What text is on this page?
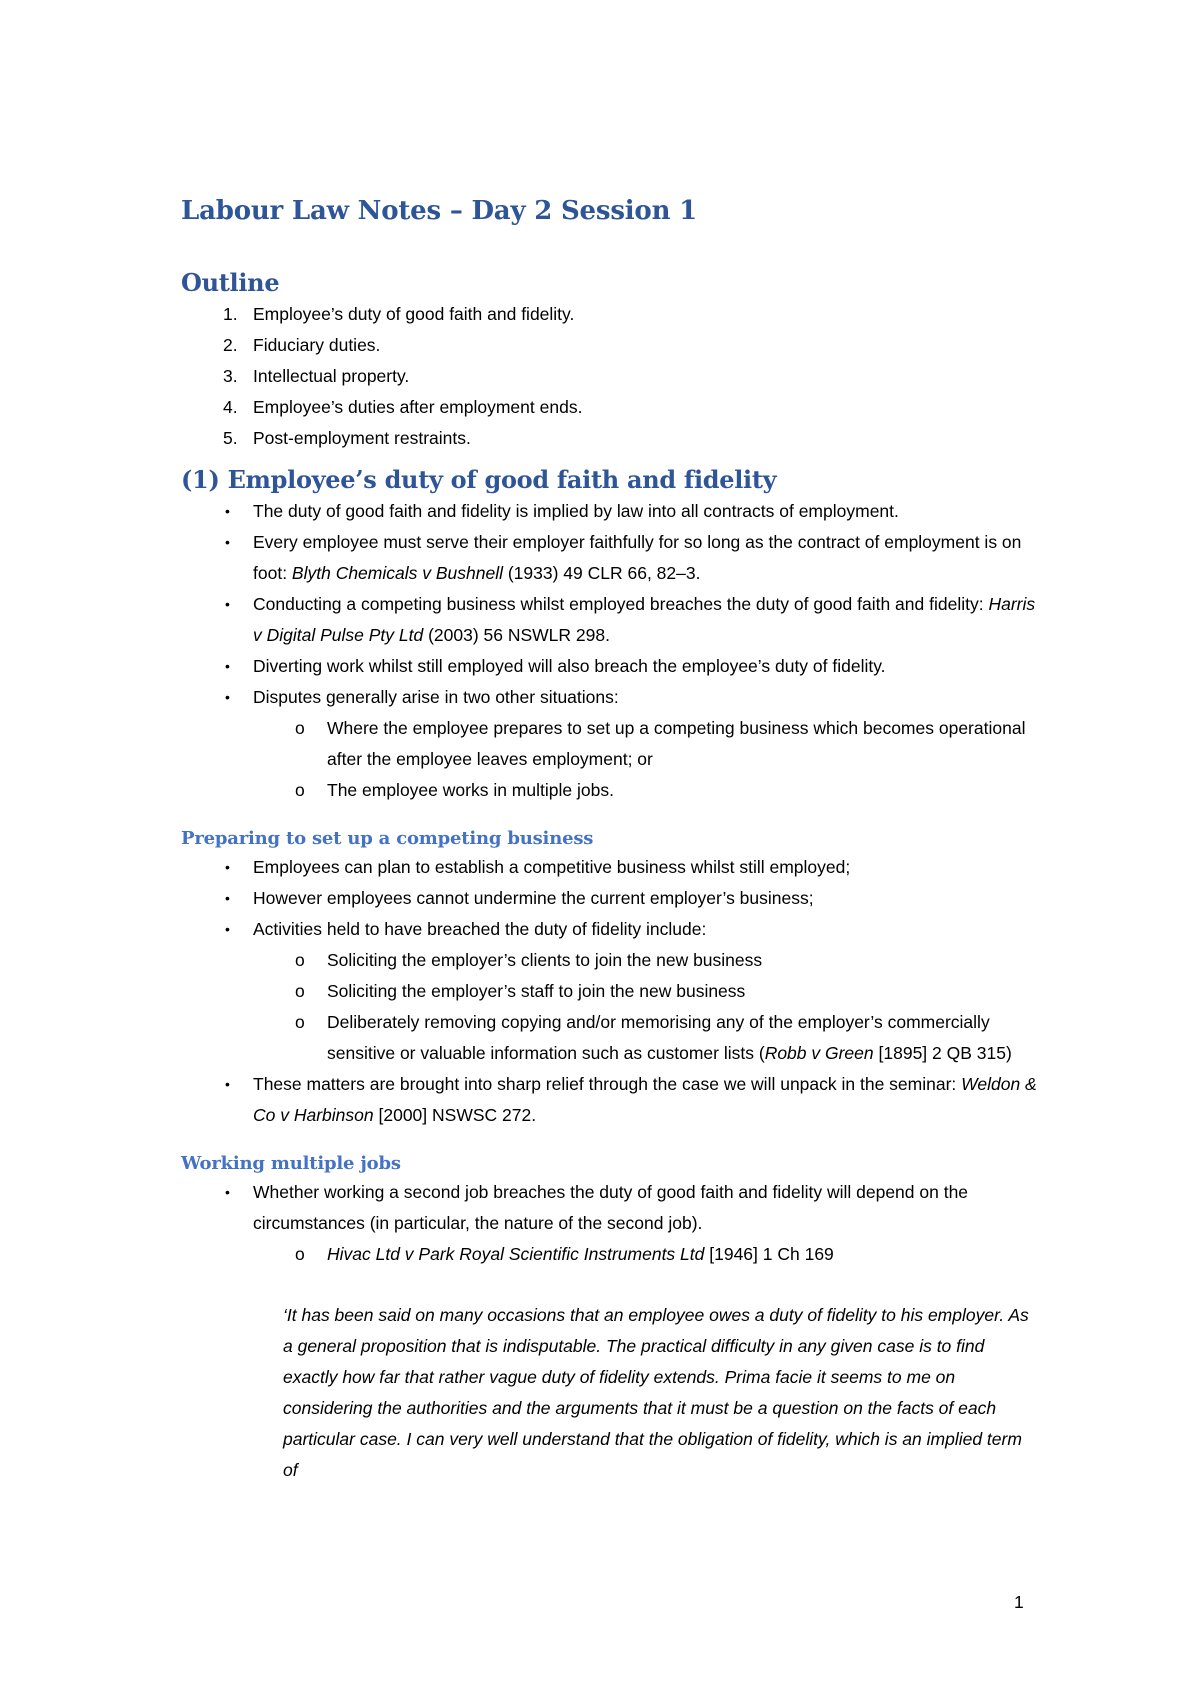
Labour Law Notes – Day 2 Session 1
Outline
1. Employee’s duty of good faith and fidelity.
2. Fiduciary duties.
3. Intellectual property.
4. Employee’s duties after employment ends.
5. Post-employment restraints.
(1) Employee’s duty of good faith and fidelity
• The duty of good faith and fidelity is implied by law into all contracts of employment.
• Every employee must serve their employer faithfully for so long as the contract of employment is on foot: Blyth Chemicals v Bushnell (1933) 49 CLR 66, 82–3.
• Conducting a competing business whilst employed breaches the duty of good faith and fidelity: Harris v Digital Pulse Pty Ltd (2003) 56 NSWLR 298.
• Diverting work whilst still employed will also breach the employee’s duty of fidelity.
• Disputes generally arise in two other situations:
o Where the employee prepares to set up a competing business which becomes operational after the employee leaves employment; or
o The employee works in multiple jobs.
Preparing to set up a competing business
• Employees can plan to establish a competitive business whilst still employed;
• However employees cannot undermine the current employer’s business;
• Activities held to have breached the duty of fidelity include:
o Soliciting the employer’s clients to join the new business
o Soliciting the employer’s staff to join the new business
o Deliberately removing copying and/or memorising any of the employer’s commercially sensitive or valuable information such as customer lists (Robb v Green [1895] 2 QB 315)
• These matters are brought into sharp relief through the case we will unpack in the seminar: Weldon & Co v Harbinson [2000] NSWSC 272.
Working multiple jobs
• Whether working a second job breaches the duty of good faith and fidelity will depend on the circumstances (in particular, the nature of the second job).
o Hivac Ltd v Park Royal Scientific Instruments Ltd [1946] 1 Ch 169

‘It has been said on many occasions that an employee owes a duty of fidelity to his employer. As a general proposition that is indisputable. The practical difficulty in any given case is to find exactly how far that rather vague duty of fidelity extends. Prima facie it seems to me on considering the authorities and the arguments that it must be a question on the facts of each particular case. I can very well understand that the obligation of fidelity, which is an implied term of

1
